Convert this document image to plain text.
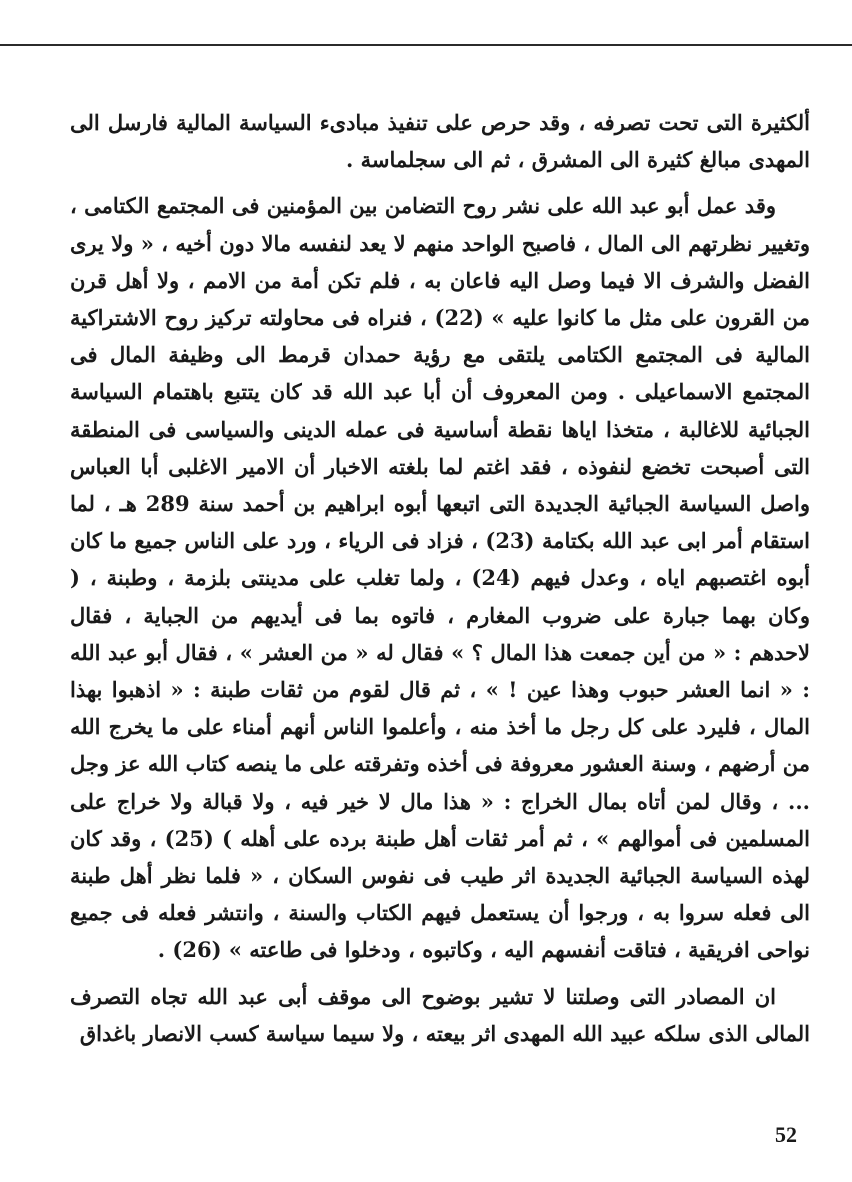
ألكثيرة التى تحت تصرفه ، وقد حرص على تنفيذ مبادىء السياسة المالية فارسل الى المهدى مبالغ كثيرة الى المشرق ، ثم الى سجلماسة .

وقد عمل أبو عبد الله على نشر روح التضامن بين المؤمنين فى المجتمع الكتامى ، وتغيير نظرتهم الى المال ، فاصبح الواحد منهم لا يعد لنفسه مالا دون أخيه ، « ولا يرى الفضل والشرف الا فيما وصل اليه فاعان به ، فلم تكن أمة من الامم ، ولا أهل قرن من القرون على مثل ما كانوا عليه » (22) ، فنراه فى محاولته تركيز روح الاشتراكية المالية فى المجتمع الكتامى يلتقى مع رؤية حمدان قرمط الى وظيفة المال فى المجتمع الاسماعيلى . ومن المعروف أن أبا عبد الله قد كان يتتبع باهتمام السياسة الجبائية للاغالبة ، متخذا اياها نقطة أساسية فى عمله الدينى والسياسى فى المنطقة التى أصبحت تخضع لنفوذه ، فقد اغتم لما بلغته الاخبار أن الامير الاغلبى أبا العباس واصل السياسة الجبائية الجديدة التى اتبعها أبوه ابراهيم بن أحمد سنة 289 هـ ، لما استقام أمر ابى عبد الله بكتامة (23) ، فزاد فى الرياء ، ورد على الناس جميع ما كان أبوه اغتصبهم اياه ، وعدل فيهم (24) ، ولما تغلب على مدينتى بلزمة ، وطبنة ، ( وكان بهما جبارة على ضروب المغارم ، فاتوه بما فى أيديهم من الجباية ، فقال لاحدهم : « من أين جمعت هذا المال ؟ » فقال له « من العشر » ، فقال أبو عبد الله : « انما العشر حبوب وهذا عين ! » ، ثم قال لقوم من ثقات طبنة : « اذهبوا بهذا المال ، فليرد على كل رجل ما أخذ منه ، وأعلموا الناس أنهم أمناء على ما يخرج الله من أرضهم ، وسنة العشور معروفة فى أخذه وتفرقته على ما ينصه كتاب الله عز وجل ... ، وقال لمن أتاه بمال الخراج : « هذا مال لا خير فيه ، ولا قبالة ولا خراج على المسلمين فى أموالهم » ، ثم أمر ثقات أهل طبنة برده على أهله ) (25) ، وقد كان لهذه السياسة الجبائية الجديدة اثر طيب فى نفوس السكان ، « فلما نظر أهل طبنة الى فعله سروا به ، ورجوا أن يستعمل فيهم الكتاب والسنة ، وانتشر فعله فى جميع نواحى افريقية ، فتاقت أنفسهم اليه ، وكاتبوه ، ودخلوا فى طاعته » (26) .

ان المصادر التى وصلتنا لا تشير بوضوح الى موقف أبى عبد الله تجاه التصرف المالى الذى سلكه عبيد الله المهدى اثر بيعته ، ولا سيما سياسة كسب الانصار باغداق

52
